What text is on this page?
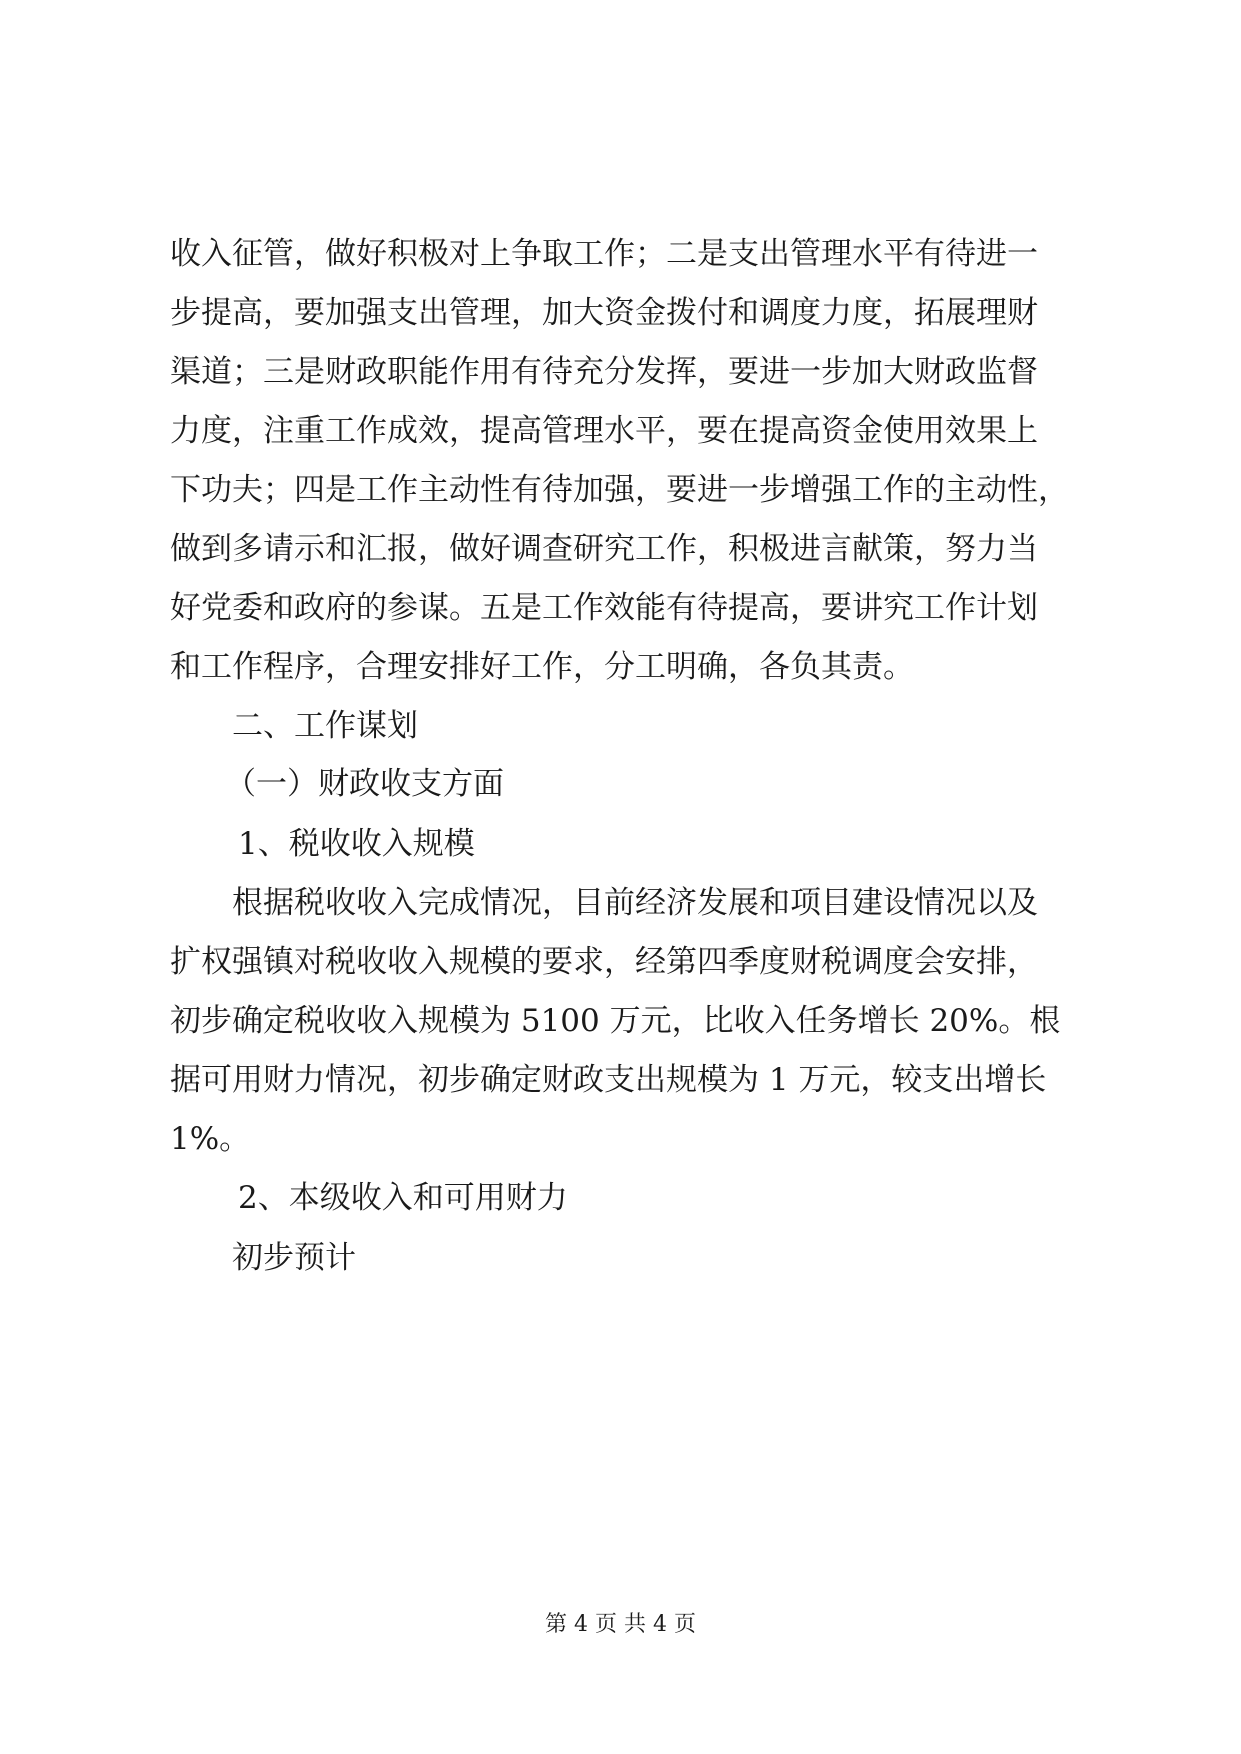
收入征管，做好积极对上争取工作；二是支出管理水平有待进一
步提高，要加强支出管理，加大资金拨付和调度力度，拓展理财
渠道；三是财政职能作用有待充分发挥，要进一步加大财政监督
力度，注重工作成效，提高管理水平，要在提高资金使用效果上
下功夫；四是工作主动性有待加强，要进一步增强工作的主动性，
做到多请示和汇报，做好调查研究工作，积极进言献策，努力当
好党委和政府的参谋。五是工作效能有待提高，要讲究工作计划
和工作程序，合理安排好工作，分工明确，各负其责。
二、工作谋划
（一）财政收支方面
1、税收收入规模
根据税收收入完成情况，目前经济发展和项目建设情况以及
扩权强镇对税收收入规模的要求，经第四季度财税调度会安排，
初步确定税收收入规模为 5100 万元，比收入任务增长 20%。根
据可用财力情况，初步确定财政支出规模为 1 万元，较支出增长
1%。
2、本级收入和可用财力
初步预计
第 4 页 共 4 页
